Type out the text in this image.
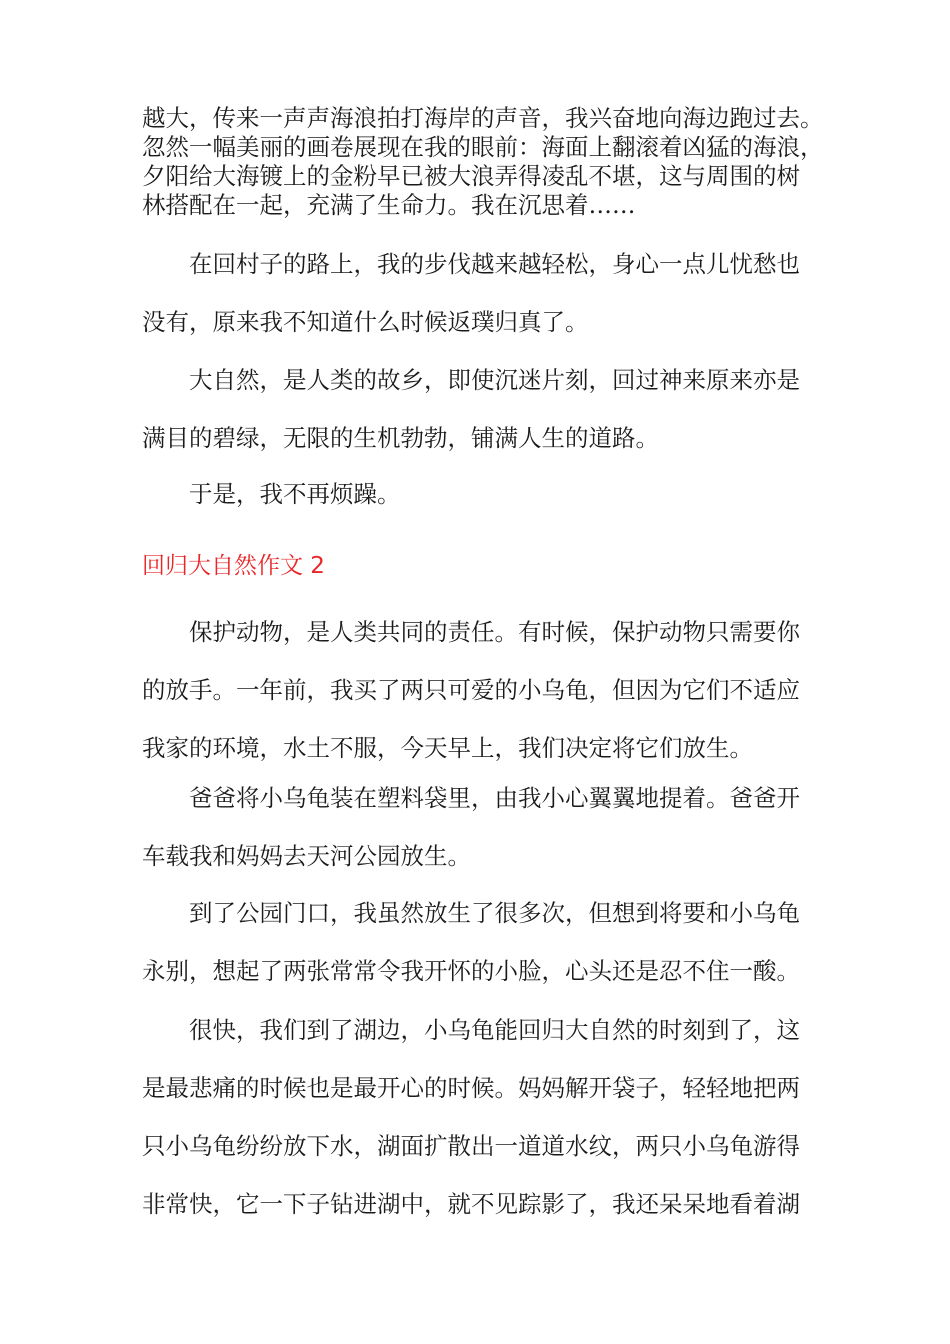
越大，传来一声声海浪拍打海岸的声音，我兴奋地向海边跑过去。
忽然一幅美丽的画卷展现在我的眼前：海面上翻滚着凶猛的海浪，
夕阳给大海镀上的金粉早已被大浪弄得凌乱不堪，这与周围的树
林搭配在一起，充满了生命力。我在沉思着……

在回村子的路上，我的步伐越来越轻松，身心一点儿忧愁也
没有，原来我不知道什么时候返璞归真了。

大自然，是人类的故乡，即使沉迷片刻，回过神来原来亦是
满目的碧绿，无限的生机勃勃，铺满人生的道路。

于是，我不再烦躁。

回归大自然作文 2

保护动物，是人类共同的责任。有时候，保护动物只需要你
的放手。一年前，我买了两只可爱的小乌龟，但因为它们不适应
我家的环境，水土不服，今天早上，我们决定将它们放生。

爸爸将小乌龟装在塑料袋里，由我小心翼翼地提着。爸爸开
车载我和妈妈去天河公园放生。

到了公园门口，我虽然放生了很多次，但想到将要和小乌龟
永别，想起了两张常常令我开怀的小脸，心头还是忍不住一酸。

很快，我们到了湖边，小乌龟能回归大自然的时刻到了，这
是最悲痛的时候也是最开心的时候。妈妈解开袋子，轻轻地把两
只小乌龟纷纷放下水，湖面扩散出一道道水纹，两只小乌龟游得
非常快，它一下子钻进湖中，就不见踪影了，我还呆呆地看着湖
